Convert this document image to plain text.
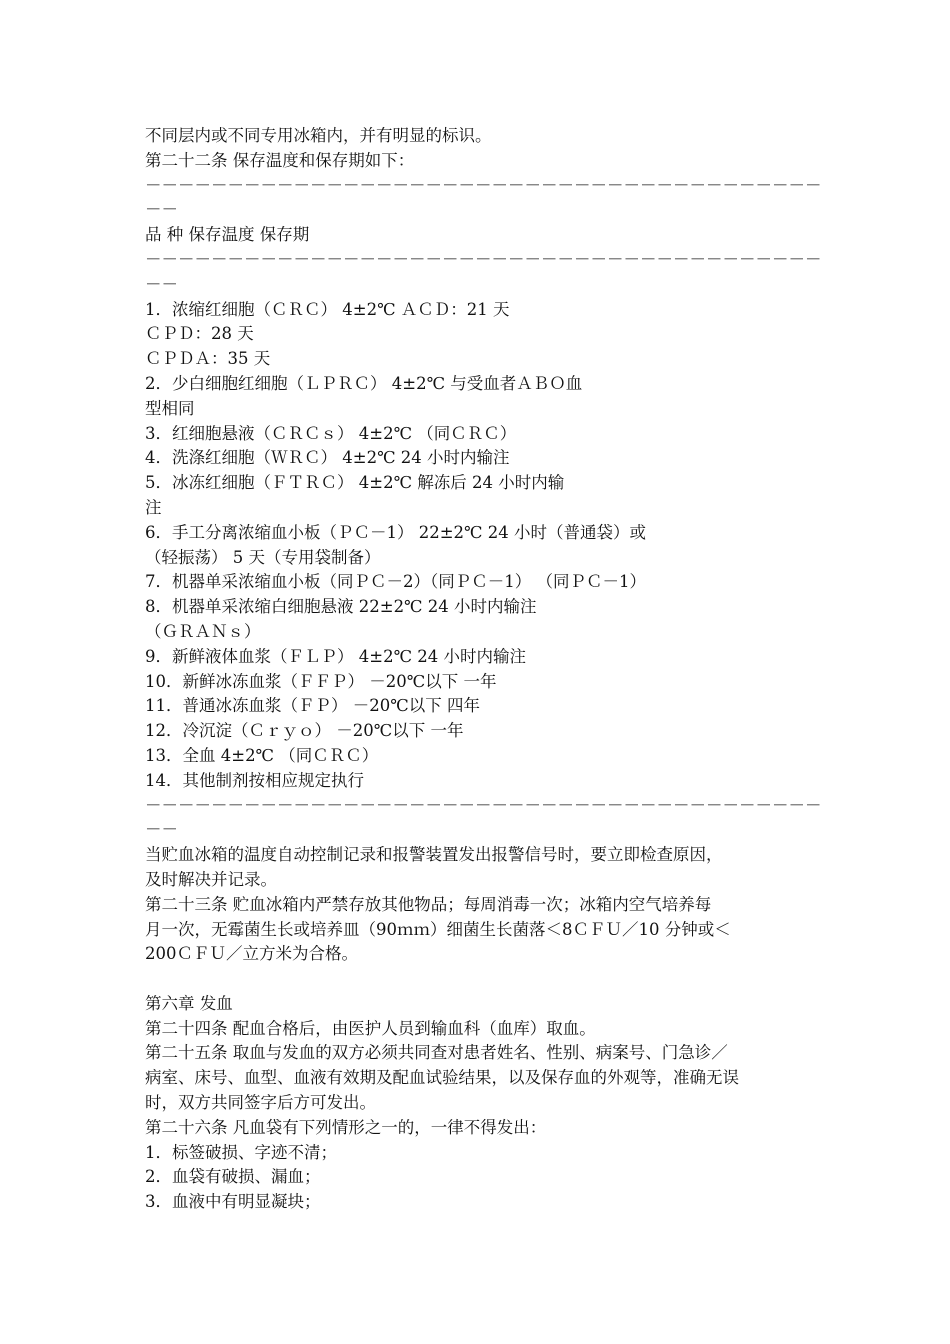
不同层内或不同专用冰箱内，并有明显的标识。
第二十二条 保存温度和保存期如下：
－－－－－－－－－－－－－－－－－－－－－－－－－－－－－－－－－－－－－－－－－
－－
品 种 保存温度 保存期
－－－－－－－－－－－－－－－－－－－－－－－－－－－－－－－－－－－－－－－－－
－－
1．浓缩红细胞（ＣＲＣ） 4±2℃ ＡＣＤ：21 天
ＣＰＤ：28 天
ＣＰＤＡ：35 天
2．少白细胞红细胞（ＬＰＲＣ） 4±2℃ 与受血者ＡＢＯ血
型相同
3．红细胞悬液（ＣＲＣｓ） 4±2℃ （同ＣＲＣ）
4．洗涤红细胞（ＷＲＣ） 4±2℃ 24 小时内输注
5．冰冻红细胞（ＦＴＲＣ） 4±2℃ 解冻后 24 小时内输
注
6．手工分离浓缩血小板（ＰＣ－1） 22±2℃ 24 小时（普通袋）或
（轻振荡） 5 天（专用袋制备）
7．机器单采浓缩血小板（同ＰＣ－2）（同ＰＣ－1） （同ＰＣ－1）
8．机器单采浓缩白细胞悬液 22±2℃ 24 小时内输注
（ＧＲＡＮｓ）
9．新鲜液体血浆（ＦＬＰ） 4±2℃ 24 小时内输注
10．新鲜冰冻血浆（ＦＦＰ） －20℃以下 一年
11．普通冰冻血浆（ＦＰ） －20℃以下 四年
12．冷沉淀（Ｃｒｙｏ） －20℃以下 一年
13．全血 4±2℃ （同ＣＲＣ）
14．其他制剂按相应规定执行
－－－－－－－－－－－－－－－－－－－－－－－－－－－－－－－－－－－－－－－－－
－－
当贮血冰箱的温度自动控制记录和报警装置发出报警信号时，要立即检查原因，
及时解决并记录。
第二十三条 贮血冰箱内严禁存放其他物品；每周消毒一次；冰箱内空气培养每
月一次，无霉菌生长或培养皿（90ｍｍ）细菌生长菌落＜8ＣＦＵ／10 分钟或＜
200ＣＦＵ／立方米为合格。
第六章 发血
第二十四条 配血合格后，由医护人员到输血科（血库）取血。
第二十五条 取血与发血的双方必须共同查对患者姓名、性别、病案号、门急诊／
病室、床号、血型、血液有效期及配血试验结果，以及保存血的外观等，准确无误
时，双方共同签字后方可发出。
第二十六条 凡血袋有下列情形之一的，一律不得发出：
1．标签破损、字迹不清；
2．血袋有破损、漏血；
3．血液中有明显凝块；
